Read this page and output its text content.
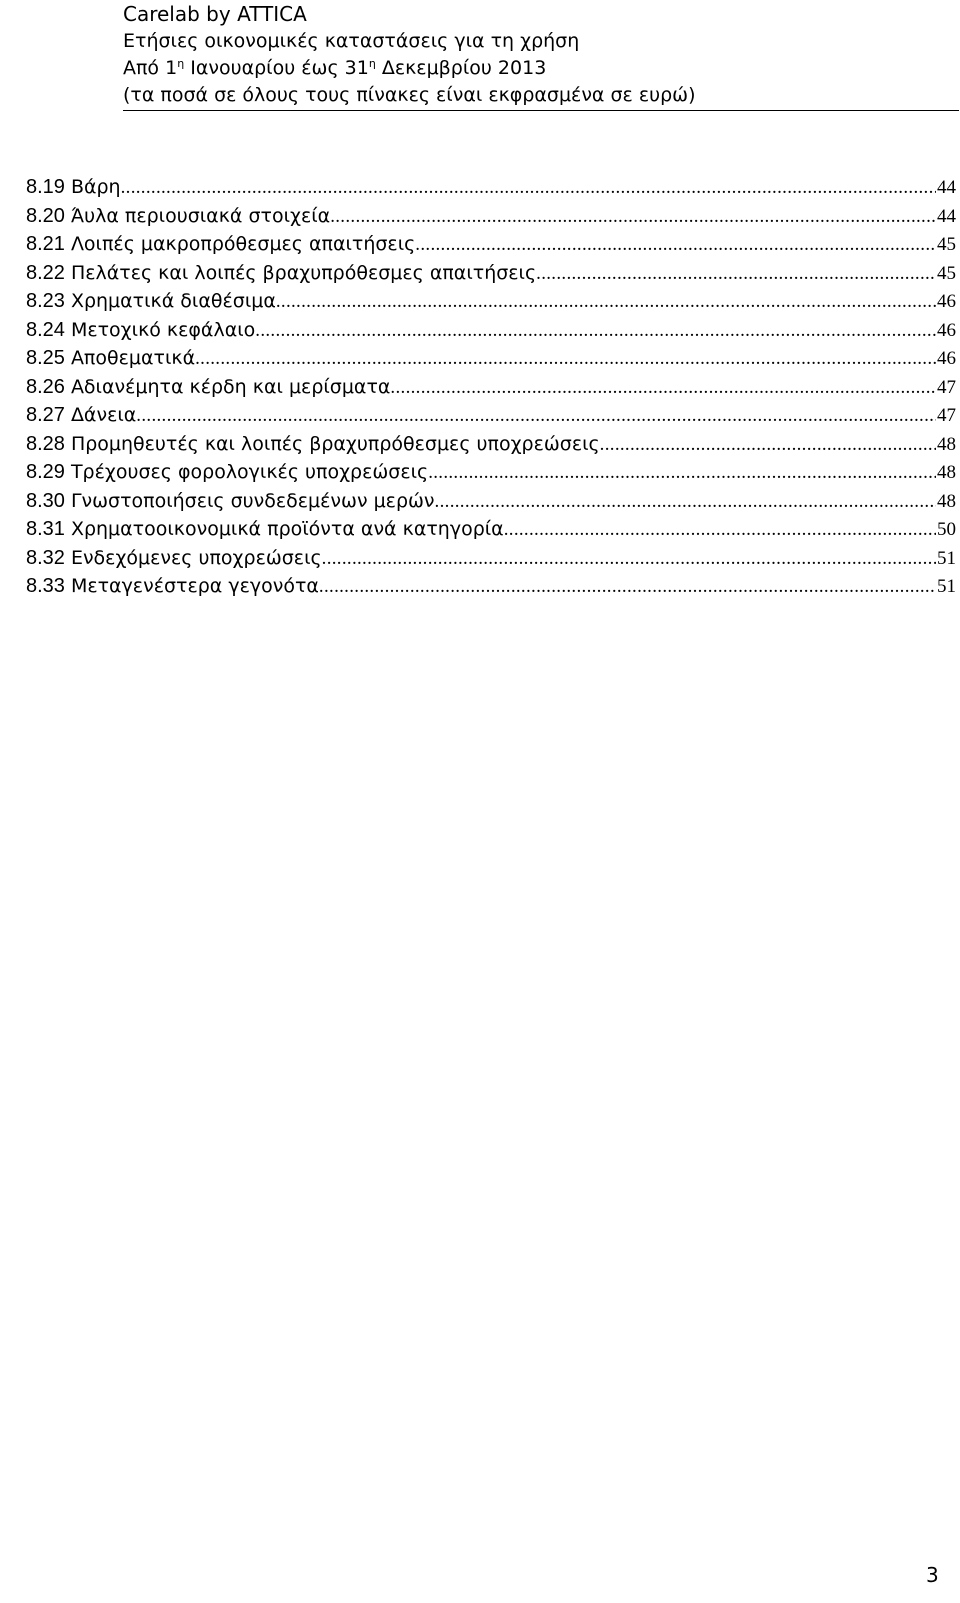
Carelab by ATTICA
Ετήσιες οικονομικές καταστάσεις για τη χρήση
Από $1^\eta$ Ιανουαρίου έως $31^\eta$ Δεκεμβρίου 2013
(τα ποσά σε όλους τους πίνακες είναι εκφρασμένα σε ευρώ)
8.19 Βάρη .....	44
8.20 Άυλα περιουσιακά στοιχεία .....	44
8.21 Λοιπές μακροπρόθεσμες απαιτήσεις .....	45
8.22 Πελάτες και λοιπές βραχυπρόθεσμες απαιτήσεις .....	45
8.23 Χρηματικά διαθέσιμα .....	46
8.24 Μετοχικό κεφάλαιο .....	46
8.25 Αποθεματικά .....	46
8.26 Αδιανέμητα κέρδη και μερίσματα .....	47
8.27 Δάνεια .....	47
8.28 Προμηθευτές και λοιπές βραχυπρόθεσμες υποχρεώσεις .....	48
8.29 Τρέχουσες φορολογικές υποχρεώσεις .....	48
8.30 Γνωστοποιήσεις συνδεδεμένων μερών .....	48
8.31 Χρηματοοικονομικά προϊόντα ανά κατηγορία .....	50
8.32 Ενδεχόμενες υποχρεώσεις .....	51
8.33 Μεταγενέστερα γεγονότα .....	51
3
